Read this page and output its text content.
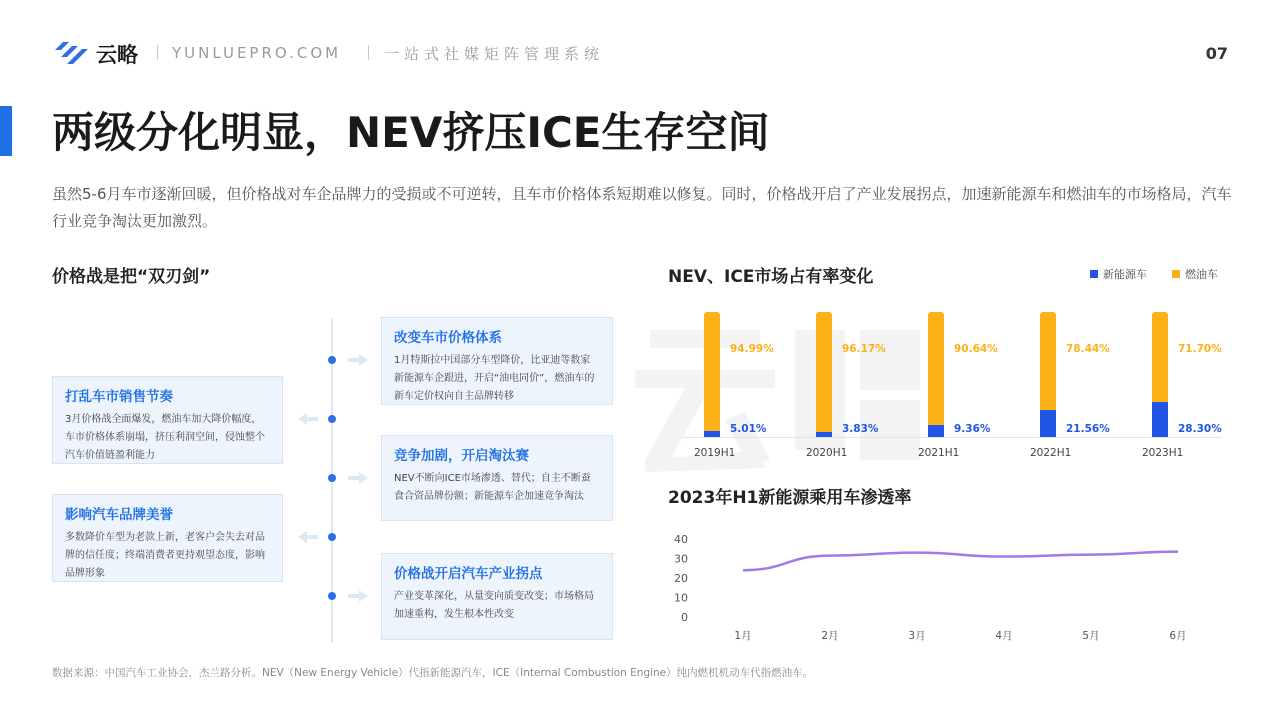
云略 YUNLUEPRO.COM	一站式社媒矩阵管理系统	07
两级分化明显，NEV挤压ICE生存空间
虽然5-6月车市逐渐回暖，但价格战对车企品牌力的受损或不可逆转，且车市价格体系短期难以修复。同时，价格战开启了产业发展拐点，加速新能源车和燃油车的市场格局，汽车行业竞争淘汰更加激烈。
价格战是把“双刃剑”
改变车市价格体系
1月特斯拉中国部分车型降价，比亚迪等数家新能源车企跟进，开启“油电同价”，燃油车的新车定价权向自主品牌转移
打乱车市销售节奏
3月价格战全面爆发，燃油车加大降价幅度，车市价格体系崩塌，挤压利润空间，侵蚀整个汽车价值链盈利能力	竞争加剧，开启淘汰赛
NEV不断向ICE市场渗透、替代；自主不断蚕食合资品牌份额；新能源车企加速竞争淘汰
影响汽车品牌美誉
多数降价车型为老款上新，老客户会失去对品牌的信任度；终端消费者更持观望态度，影响品牌形象	价格战开启汽车产业拐点
产业变革深化，从量变向质变改变；市场格局加速重构，发生根本性改变
NEV、ICE市场占有率变化	新能源车	燃油车
94.99%
5.01%
2019H1
96.17%
3.83%
2020H1
90.64%
9.36%
2021H1
78.44%
21.56%
2022H1
71.70%
28.30%
2023H1
2023年H1新能源乘用车渗透率
0
10
20
30
40
1月	2月	3月	4月	5月	6月
数据来源：中国汽车工业协会，杰兰路分析。NEV（New Energy Vehicle）代指新能源汽车，ICE（Internal Combustion Engine）纯内燃机机动车代指燃油车。
